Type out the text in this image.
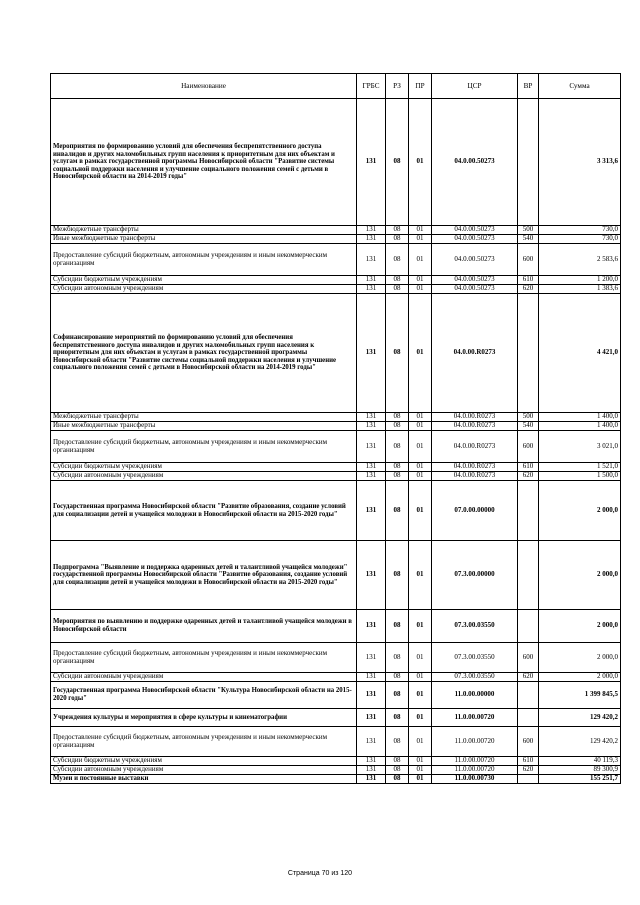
Наименование	ГРБС	РЗ	ПР	ЦСР	ВР	Сумма
Мероприятия по формированию условий для обеспечения беспрепятственного доступа инвалидов и других маломобильных групп населения к приоритетным для них объектам и услугам в рамках государственной программы Новосибирской области "Развитие системы социальной поддержки населения и улучшение социального положения семей с детьми в Новосибирской области на 2014-2019 годы"	131	08	01	04.0.00.50273		3 313,6
Межбюджетные трансферты	131	08	01	04.0.00.50273	500	730,0
Иные межбюджетные трансферты	131	08	01	04.0.00.50273	540	730,0
Предоставление субсидий бюджетным, автономным учреждениям и иным некоммерческим организациям	131	08	01	04.0.00.50273	600	2 583,6
Субсидии бюджетным учреждениям	131	08	01	04.0.00.50273	610	1 200,0
Субсидии автономным учреждениям	131	08	01	04.0.00.50273	620	1 383,6
Софинансирование мероприятий по формированию условий для обеспечения беспрепятственного доступа инвалидов и других маломобильных групп населения к приоритетным для них объектам и услугам в рамках государственной программы Новосибирской области "Развитие системы социальной поддержки населения и улучшение социального положения семей с детьми в Новосибирской области на 2014-2019 годы"	131	08	01	04.0.00.R0273		4 421,0
Межбюджетные трансферты	131	08	01	04.0.00.R0273	500	1 400,0
Иные межбюджетные трансферты	131	08	01	04.0.00.R0273	540	1 400,0
Предоставление субсидий бюджетным, автономным учреждениям и иным некоммерческим организациям	131	08	01	04.0.00.R0273	600	3 021,0
Субсидии бюджетным учреждениям	131	08	01	04.0.00.R0273	610	1 521,0
Субсидии автономным учреждениям	131	08	01	04.0.00.R0273	620	1 500,0
Государственная программа Новосибирской области "Развитие образования, создание условий для социализации детей и учащейся молодежи в Новосибирской области на 2015-2020 годы"	131	08	01	07.0.00.00000		2 000,0
Подпрограмма "Выявление и поддержка одаренных детей и талантливой учащейся молодежи" государственной программы Новосибирской области "Развитие образования, создание условий для социализации детей и учащейся молодежи в Новосибирской области на 2015-2020 годы"	131	08	01	07.3.00.00000		2 000,0
Мероприятия по выявлению и поддержке одаренных детей и талантливой учащейся молодежи в Новосибирской области	131	08	01	07.3.00.03550		2 000,0
Предоставление субсидий бюджетным, автономным учреждениям и иным некоммерческим организациям	131	08	01	07.3.00.03550	600	2 000,0
Субсидии автономным учреждениям	131	08	01	07.3.00.03550	620	2 000,0
Государственная программа Новосибирской области "Культура Новосибирской области на 2015-2020 годы"	131	08	01	11.0.00.00000		1 399 845,5
Учреждения культуры и мероприятия в сфере культуры и кинематографии	131	08	01	11.0.00.00720		129 420,2
Предоставление субсидий бюджетным, автономным учреждениям и иным некоммерческим организациям	131	08	01	11.0.00.00720	600	129 420,2
Субсидии бюджетным учреждениям	131	08	01	11.0.00.00720	610	40 119,3
Субсидии автономным учреждениям	131	08	01	11.0.00.00720	620	89 300,9
Музеи и постоянные выставки	131	08	01	11.0.00.00730		155 251,7
Страница 70 из 120
